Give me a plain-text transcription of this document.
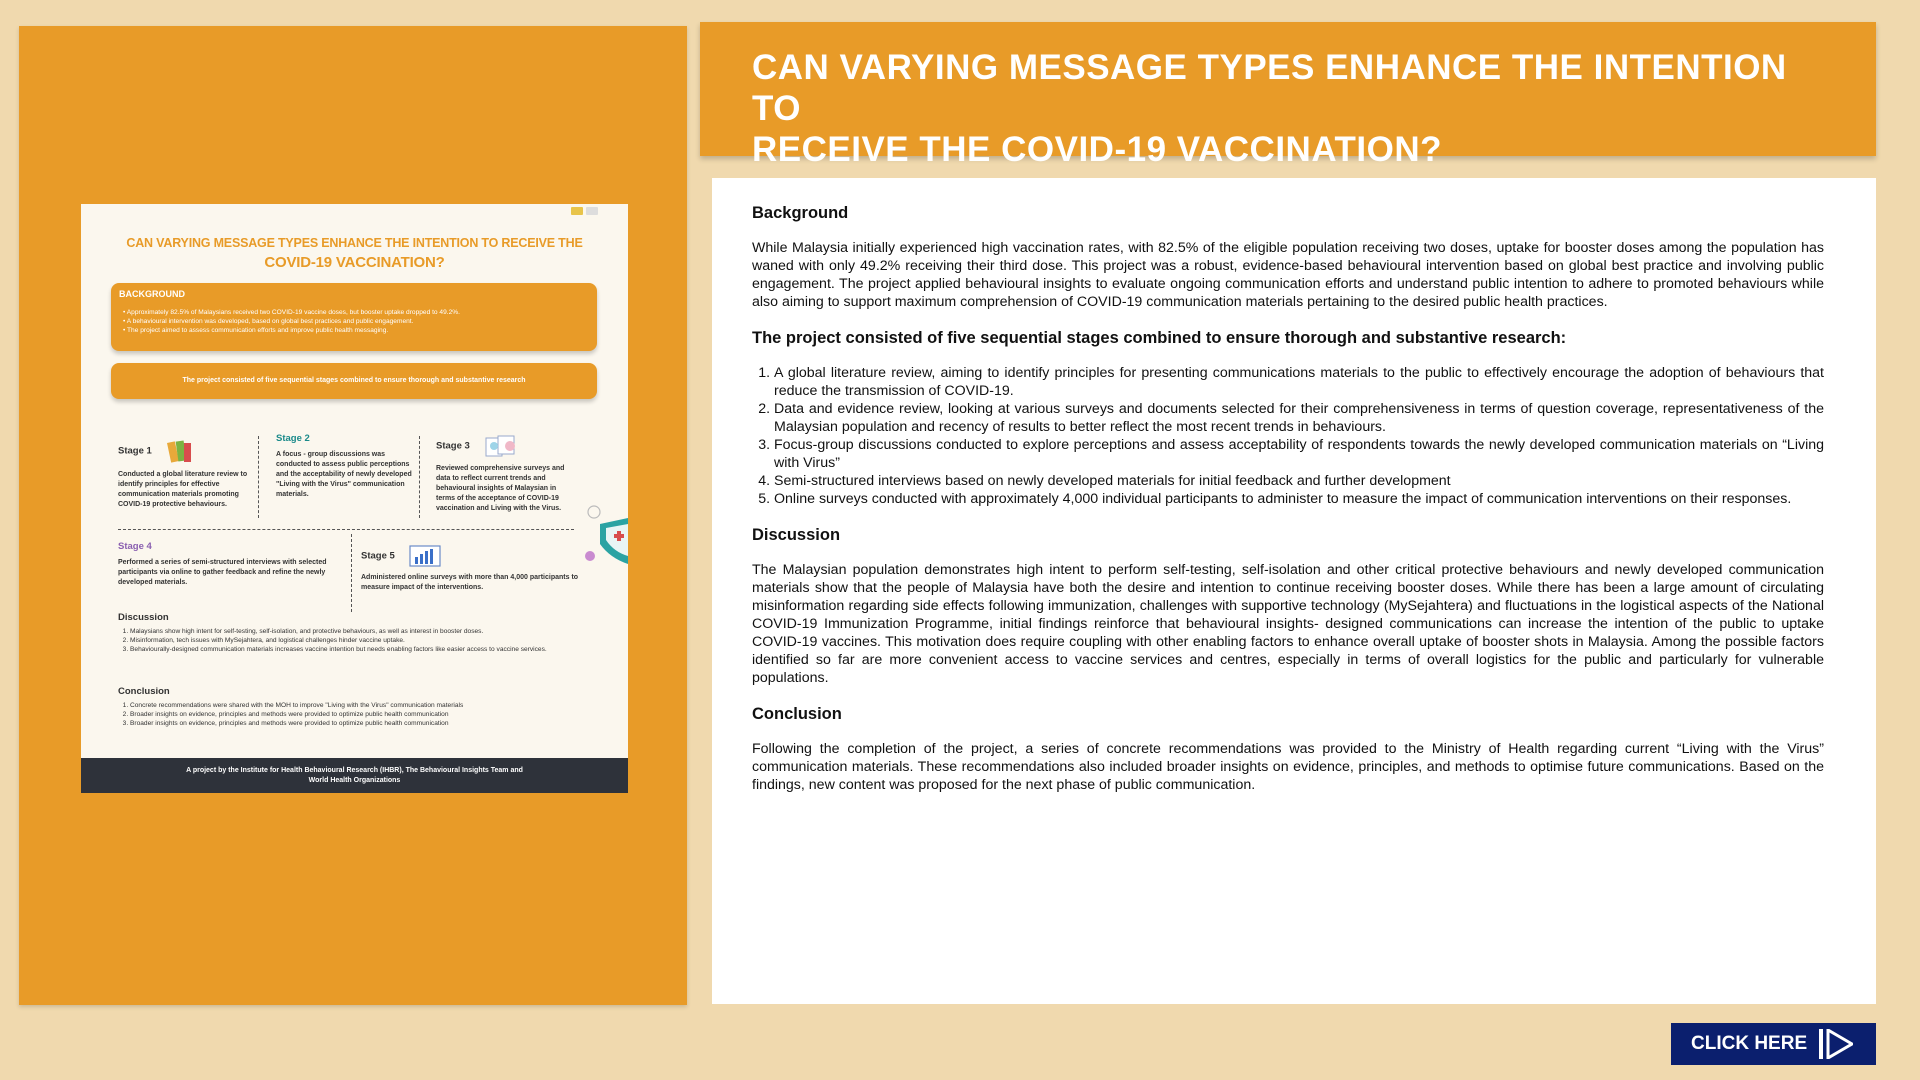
CAN VARYING MESSAGE TYPES ENHANCE THE INTENTION TO RECEIVE THE
COVID-19 VACCINATION?
BACKGROUND
• Approximately 82.5% of Malaysians received two COVID-19 vaccine doses, but booster uptake dropped to 49.2%.
• A behavioural intervention was developed, based on global best practices and public engagement.
• The project aimed to assess communication efforts and improve public health messaging.
The project consisted of five sequential stages combined to ensure thorough and substantive research
Stage 1

Conducted a global literature review to identify principles for effective communication materials promoting COVID-19 protective behaviours.

Stage 2

A focus - group discussions was conducted to assess public perceptions and the acceptability of newly developed "Living with the Virus" communication materials.

Stage 3

Reviewed comprehensive surveys and data to reflect current trends and behavioural insights of Malaysian in terms of the acceptance of COVID-19 vaccination and Living with the Virus.

Stage 4

Performed a series of semi-structured interviews with selected participants via online to gather feedback and refine the newly developed materials.

Stage 5

Administered online surveys with more than 4,000 participants to measure impact of the interventions.

Discussion
1. Malaysians show high intent for self-testing, self-isolation, and protective behaviours, as well as interest in booster doses.
2. Misinformation, tech issues with MySejahtera, and logistical challenges hinder vaccine uptake.
3. Behaviourally-designed communication materials increases vaccine intention but needs enabling factors like easier access to vaccine services.
Conclusion
1. Concrete recommendations were shared with the MOH to improve "Living with the Virus" communication materials
2. Broader insights on evidence, principles and methods were provided to optimize public health communication
3. Broader insights on evidence, principles and methods were provided to optimize public health communication
A project by the Institute for Health Behavioural Research (IHBR), The Behavioural Insights Team and
World Health Organizations
CAN VARYING MESSAGE TYPES ENHANCE THE INTENTION TO
RECEIVE THE COVID-19 VACCINATION?
Background

While Malaysia initially experienced high vaccination rates, with 82.5% of the eligible population receiving two doses, uptake for booster doses among the population has waned with only 49.2% receiving their third dose. This project was a robust, evidence-based behavioural intervention based on global best practice and involving public engagement. The project applied behavioural insights to evaluate ongoing communication efforts and understand public intention to adhere to promoted behaviours while also aiming to support maximum comprehension of COVID-19 communication materials pertaining to the desired public health practices.

The project consisted of five sequential stages combined to ensure thorough and substantive research:
1. A global literature review, aiming to identify principles for presenting communications materials to the public to effectively encourage the adoption of behaviours that reduce the transmission of COVID-19.
2. Data and evidence review, looking at various surveys and documents selected for their comprehensiveness in terms of question coverage, representativeness of the Malaysian population and recency of results to better reflect the most recent trends in behaviours.
3. Focus-group discussions conducted to explore perceptions and assess acceptability of respondents towards the newly developed communication materials on “Living with Virus”
4. Semi-structured interviews based on newly developed materials for initial feedback and further development
5. Online surveys conducted with approximately 4,000 individual participants to administer to measure the impact of communication interventions on their responses.
Discussion

The Malaysian population demonstrates high intent to perform self-testing, self-isolation and other critical protective behaviours and newly developed communication materials show that the people of Malaysia have both the desire and intention to continue receiving booster doses. While there has been a large amount of circulating misinformation regarding side effects following immunization, challenges with supportive technology (MySejahtera) and fluctuations in the logistical aspects of the National COVID-19 Immunization Programme, initial findings reinforce that behavioural insights- designed communications can increase the intention of the public to uptake COVID-19 vaccines. This motivation does require coupling with other enabling factors to enhance overall uptake of booster shots in Malaysia. Among the possible factors identified so far are more convenient access to vaccine services and centres, especially in terms of overall logistics for the public and particularly for vulnerable populations.

Conclusion

Following the completion of the project, a series of concrete recommendations was provided to the Ministry of Health regarding current “Living with the Virus” communication materials. These recommendations also included broader insights on evidence, principles, and methods to optimise future communications. Based on the findings, new content was proposed for the next phase of public communication.

CLICK HERE
